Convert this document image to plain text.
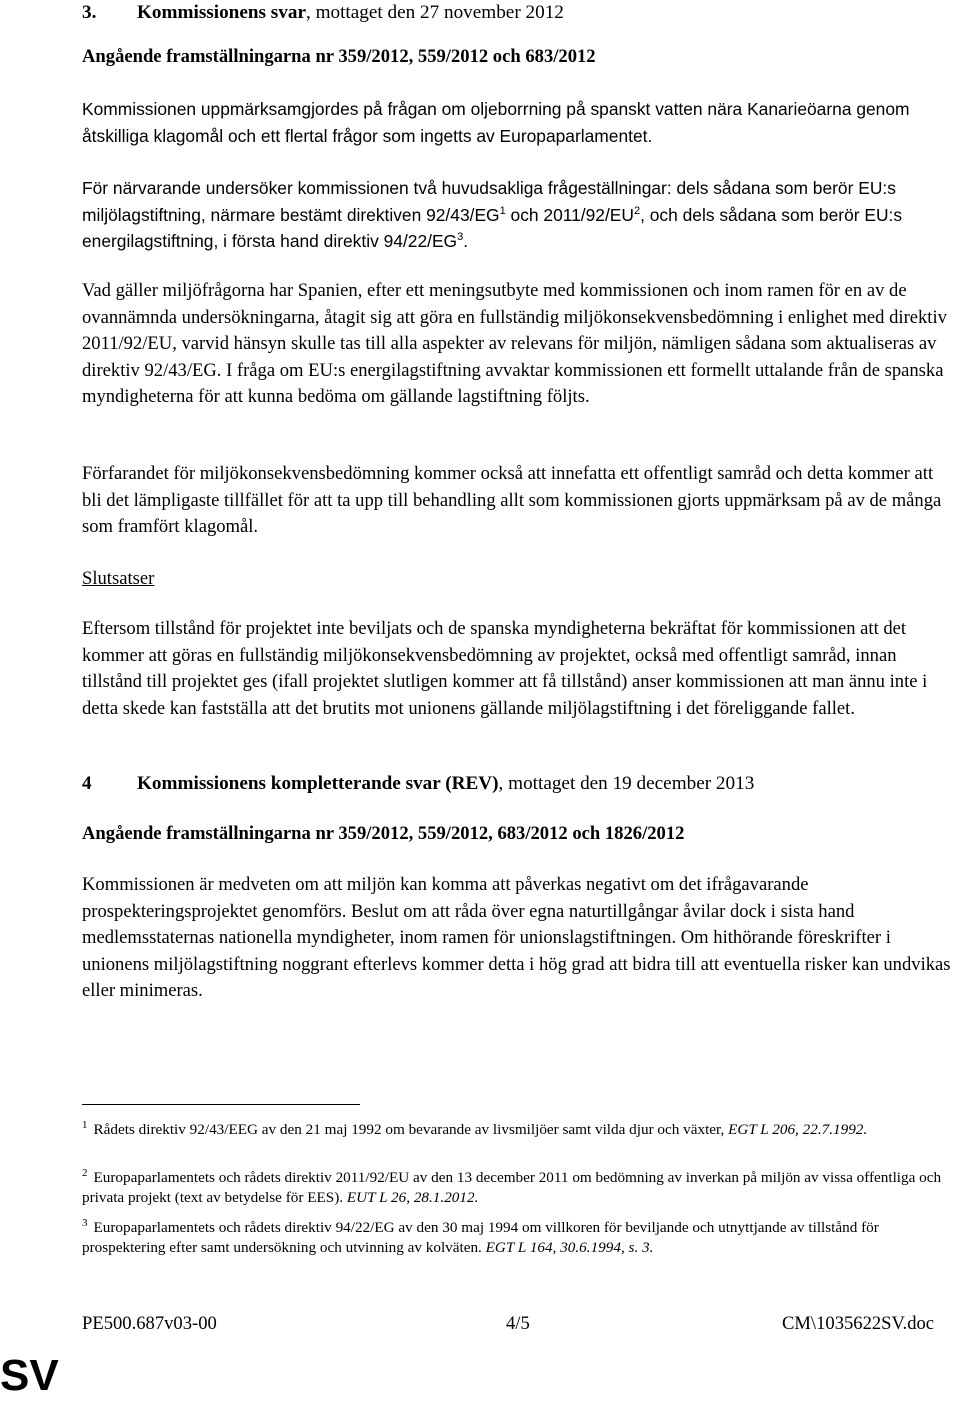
3. Kommissionens svar, mottaget den 27 november 2012

Angående framställningarna nr 359/2012, 559/2012 och 683/2012

Kommissionen uppmärksamgjordes på frågan om oljeborrning på spanskt vatten nära Kanarieöarna genom åtskilliga klagomål och ett flertal frågor som ingetts av Europaparlamentet.

För närvarande undersöker kommissionen två huvudsakliga frågeställningar: dels sådana som berör EU:s miljölagstiftning, närmare bestämt direktiven $92/43/EG^1$ och $2011/92/EU^2$, och dels sådana som berör EU:s energilagstiftning, i första hand direktiv $94/22/EG^3$.

Vad gäller miljöfrågorna har Spanien, efter ett meningsutbyte med kommissionen och inom ramen för en av de ovannämnda undersökningarna, åtagit sig att göra en fullständig miljökonsekvensbedömning i enlighet med direktiv 2011/92/EU, varvid hänsyn skulle tas till alla aspekter av relevans för miljön, nämligen sådana som aktualiseras av direktiv 92/43/EG. I fråga om EU:s energilagstiftning avvaktar kommissionen ett formellt uttalande från de spanska myndigheterna för att kunna bedöma om gällande lagstiftning följts.

Förfarandet för miljökonsekvensbedömning kommer också att innefatta ett offentligt samråd och detta kommer att bli det lämpligaste tillfället för att ta upp till behandling allt som kommissionen gjorts uppmärksam på av de många som framfört klagomål.

Slutsatser

Eftersom tillstånd för projektet inte beviljats och de spanska myndigheterna bekräftat för kommissionen att det kommer att göras en fullständig miljökonsekvensbedömning av projektet, också med offentligt samråd, innan tillstånd till projektet ges (ifall projektet slutligen kommer att få tillstånd) anser kommissionen att man ännu inte i detta skede kan fastställa att det brutits mot unionens gällande miljölagstiftning i det föreliggande fallet.

4 Kommissionens kompletterande svar (REV), mottaget den 19 december 2013

Angående framställningarna nr 359/2012, 559/2012, 683/2012 och 1826/2012

Kommissionen är medveten om att miljön kan komma att påverkas negativt om det ifrågavarande prospekteringsprojektet genomförs. Beslut om att råda över egna naturtillgångar åvilar dock i sista hand medlemsstaternas nationella myndigheter, inom ramen för unionslagstiftningen. Om hithörande föreskrifter i unionens miljölagstiftning noggrant efterlevs kommer detta i hög grad att bidra till att eventuella risker kan undvikas eller minimeras.

$^1$ Rådets direktiv 92/43/EEG av den 21 maj 1992 om bevarande av livsmiljöer samt vilda djur och växter, EGT L 206, 22.7.1992.

$^2$ Europaparlamentets och rådets direktiv 2011/92/EU av den 13 december 2011 om bedömning av inverkan på miljön av vissa offentliga och privata projekt (text av betydelse för EES). EUT L 26, 28.1.2012.

$^3$ Europaparlamentets och rådets direktiv 94/22/EG av den 30 maj 1994 om villkoren för beviljande och utnyttjande av tillstånd för prospektering efter samt undersökning och utvinning av kolväten. EGT L 164, 30.6.1994, s. 3.

PE500.687v03-00	4/5	CM\1035622SV.doc
SV
